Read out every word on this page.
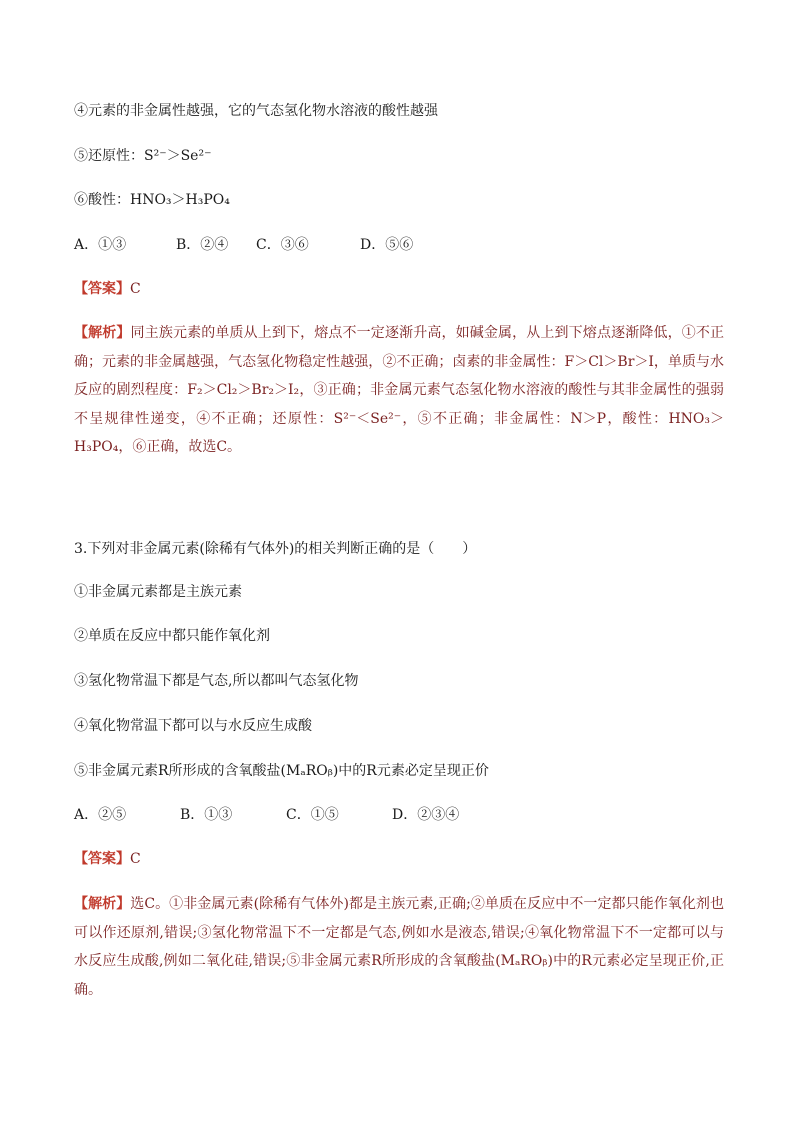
④元素的非金属性越强，它的气态氢化物水溶液的酸性越强
⑤还原性：S²⁻＞Se²⁻
⑥酸性：HNO₃＞H₃PO₄
A．①③	B．②④ C．③⑥	D．⑤⑥
【答案】C
【解析】同主族元素的单质从上到下，熔点不一定逐渐升高，如碱金属，从上到下熔点逐渐降低，①不正确；元素的非金属越强，气态氢化物稳定性越强，②不正确；卤素的非金属性：F＞Cl＞Br＞I，单质与水反应的剧烈程度：F₂＞Cl₂＞Br₂＞I₂，③正确；非金属元素气态氢化物水溶液的酸性与其非金属性的强弱不呈规律性递变，④不正确；还原性：S²⁻＜Se²⁻，⑤不正确；非金属性：N＞P，酸性：HNO₃＞H₃PO₄，⑥正确，故选C。
3.下列对非金属元素(除稀有气体外)的相关判断正确的是（　　）
①非金属元素都是主族元素
②单质在反应中都只能作氧化剂
③氢化物常温下都是气态,所以都叫气态氢化物
④氧化物常温下都可以与水反应生成酸
⑤非金属元素R所形成的含氧酸盐(MₐROᵦ)中的R元素必定呈现正价
A．②⑤	B．①③	C．①⑤	D．②③④
【答案】C
【解析】选C。①非金属元素(除稀有气体外)都是主族元素,正确;②单质在反应中不一定都只能作氧化剂也可以作还原剂,错误;③氢化物常温下不一定都是气态,例如水是液态,错误;④氧化物常温下不一定都可以与水反应生成酸,例如二氧化硅,错误;⑤非金属元素R所形成的含氧酸盐(MₐROᵦ)中的R元素必定呈现正价,正确。
